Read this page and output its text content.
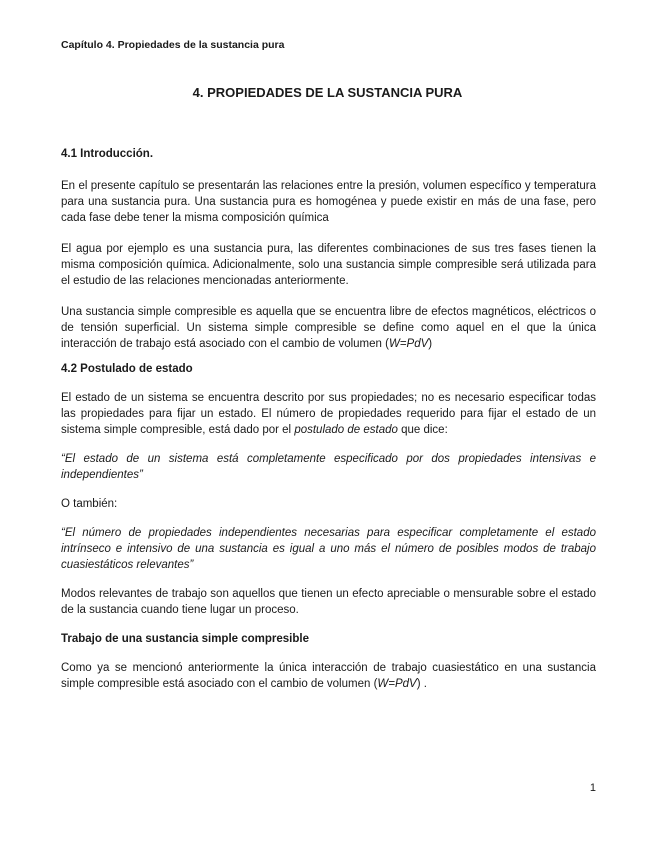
Capítulo 4. Propiedades de la sustancia pura
4. PROPIEDADES DE LA SUSTANCIA PURA
4.1 Introducción.

En el presente capítulo se presentarán las relaciones entre la presión, volumen específico y temperatura para una sustancia pura. Una sustancia pura es homogénea y puede existir en más de una fase, pero cada fase debe tener la misma composición química

El agua por ejemplo es una sustancia pura, las diferentes combinaciones de sus tres fases tienen la misma composición química. Adicionalmente, solo una sustancia simple compresible será utilizada para el estudio de las relaciones mencionadas anteriormente.

Una sustancia simple compresible es aquella que se encuentra libre de efectos magnéticos, eléctricos o de tensión superficial. Un sistema simple compresible se define como aquel en el que la única interacción de trabajo está asociado con el cambio de volumen (W=PdV)

4.2 Postulado de estado

El estado de un sistema se encuentra descrito por sus propiedades; no es necesario especificar todas las propiedades para fijar un estado. El número de propiedades requerido para fijar el estado de un sistema simple compresible, está dado por el postulado de estado que dice:

“El estado de un sistema está completamente especificado por dos propiedades intensivas e independientes”

O también:

“El número de propiedades independientes necesarias para especificar completamente el estado intrínseco e intensivo de una sustancia es igual a uno más el número de posibles modos de trabajo cuasiestáticos relevantes”

Modos relevantes de trabajo son aquellos que tienen un efecto apreciable o mensurable sobre el estado de la sustancia cuando tiene lugar un proceso.

Trabajo de una sustancia simple compresible

Como ya se mencionó anteriormente la única interacción de trabajo cuasiestático en una sustancia simple compresible está asociado con el cambio de volumen (W=PdV) .

1
